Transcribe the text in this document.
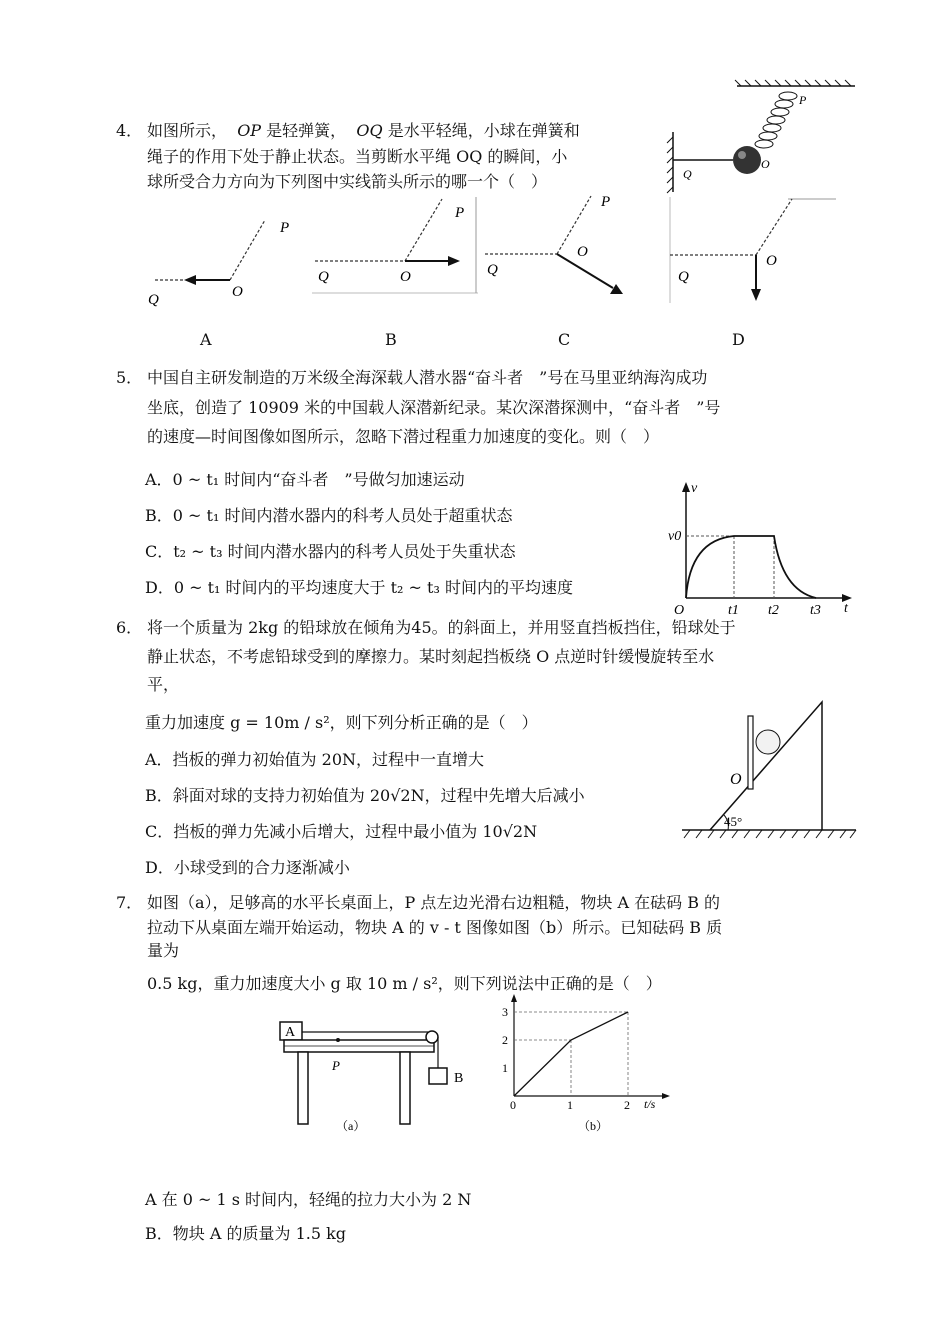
4． 如图所示， OP 是轻弹簧， OQ 是水平轻绳，小球在弹簧和
绳子的作用下处于静止状态。当剪断水平绳 OQ 的瞬间，小
球所受合力方向为下列图中实线箭头所示的哪一个（　）
P
O
Q
P
O
Q
P
O
Q
P
O
Q
O
Q
A	B	C	D
5． 中国自主研发制造的万米级全海深载人潜水器“奋斗者　”号在马里亚纳海沟成功
坐底，创造了 10909 米的中国载人深潜新纪录。某次深潜探测中，“奋斗者　”号
的速度—时间图像如图所示，忽略下潜过程重力加速度的变化。则（　）
A．0 ~ t₁ 时间内“奋斗者　”号做匀加速运动
B．0 ~ t₁ 时间内潜水器内的科考人员处于超重状态
C．t₂ ~ t₃ 时间内潜水器内的科考人员处于失重状态
D．0 ~ t₁ 时间内的平均速度大于 t₂ ~ t₃ 时间内的平均速度
v
t
v0
O	t1 t2 t3
6． 将一个质量为 2kg 的铅球放在倾角为45。的斜面上，并用竖直挡板挡住，铅球处于
静止状态，不考虑铅球受到的摩擦力。某时刻起挡板绕 O 点逆时针缓慢旋转至水
平，
重力加速度 g = 10m / s²，则下列分析正确的是（　）
A．挡板的弹力初始值为 20N，过程中一直增大
B．斜面对球的支持力初始值为 20√2N，过程中先增大后减小
C．挡板的弹力先减小后增大，过程中最小值为 10√2N
D．小球受到的合力逐渐减小
45°
O
7． 如图（a），足够高的水平长桌面上，P 点左边光滑右边粗糙，物块 A 在砝码 B 的
拉动下从桌面左端开始运动，物块 A 的 v - t 图像如图（b）所示。已知砝码 B 质
量为
0.5 kg，重力加速度大小 g 取 10 m / s²，则下列说法中正确的是（　）
A
P
B
（a）
1
2
3
0	1	2 t/s
（b）
A 在 0 ~ 1 s 时间内，轻绳的拉力大小为 2 N
B．物块 A 的质量为 1.5 kg
